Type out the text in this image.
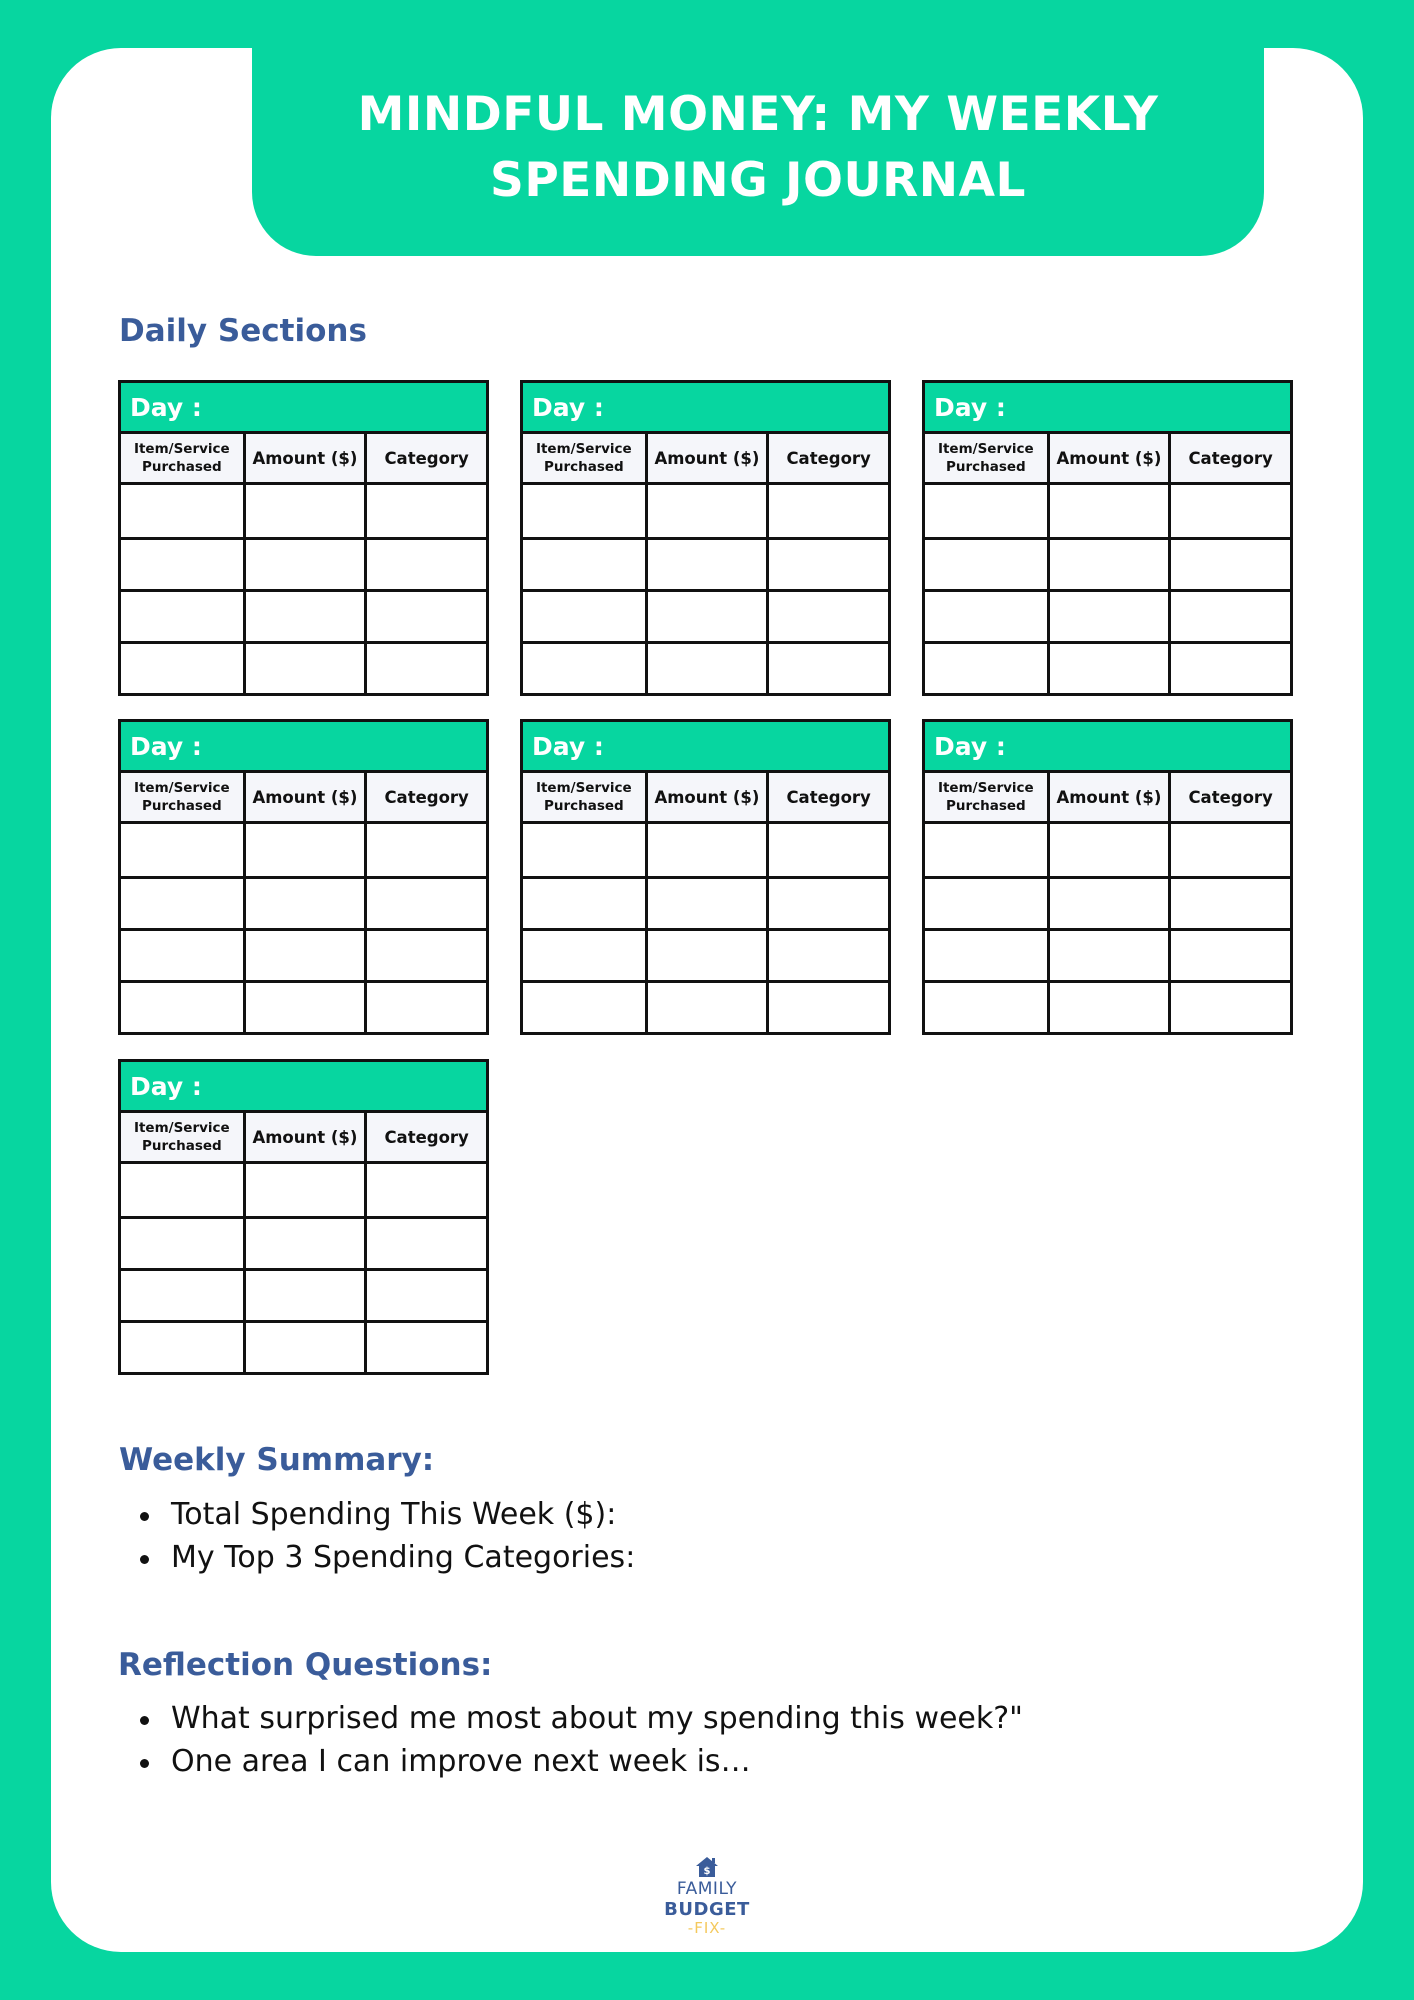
MINDFUL MONEY: MY WEEKLY
SPENDING JOURNAL
Daily Sections
Day :
Item/Service
Purchased	Amount ($)	Category
Day :
Item/Service
Purchased	Amount ($)	Category
Day :
Item/Service
Purchased	Amount ($)	Category
Day :
Item/Service
Purchased	Amount ($)	Category
Day :
Item/Service
Purchased	Amount ($)	Category
Day :
Item/Service
Purchased	Amount ($)	Category
Day :
Item/Service
Purchased	Amount ($)	Category
Weekly Summary:
Total Spending This Week ($):
My Top 3 Spending Categories:
Reflection Questions:
What surprised me most about my spending this week?"
One area I can improve next week is…
$
FAMILY
BUDGET
-FIX-
